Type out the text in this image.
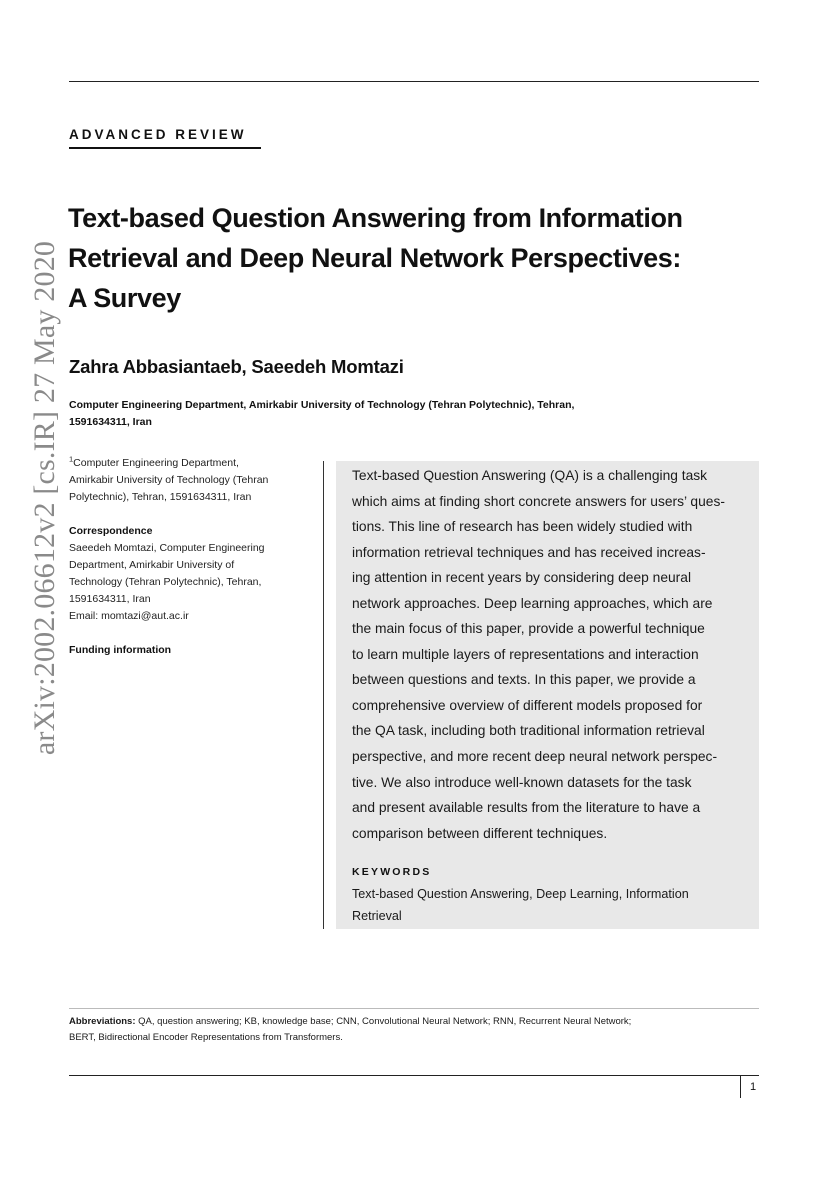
ADVANCED REVIEW
arXiv:2002.06612v2 [cs.IR] 27 May 2020
Text-based Question Answering from Information
Retrieval and Deep Neural Network Perspectives:
A Survey
Zahra Abbasiantaeb, Saeedeh Momtazi
Computer Engineering Department, Amirkabir University of Technology (Tehran Polytechnic), Tehran,
1591634311, Iran
$^1$Computer Engineering Department,
Amirkabir University of Technology (Tehran
Polytechnic), Tehran, 1591634311, Iran
Correspondence
Saeedeh Momtazi, Computer Engineering
Department, Amirkabir University of
Technology (Tehran Polytechnic), Tehran,
1591634311, Iran
Email: momtazi@aut.ac.ir
Funding information
Text-based Question Answering (QA) is a challenging task
which aims at finding short concrete answers for users’ ques-
tions. This line of research has been widely studied with
information retrieval techniques and has received increas-
ing attention in recent years by considering deep neural
network approaches. Deep learning approaches, which are
the main focus of this paper, provide a powerful technique
to learn multiple layers of representations and interaction
between questions and texts. In this paper, we provide a
comprehensive overview of different models proposed for
the QA task, including both traditional information retrieval
perspective, and more recent deep neural network perspec-
tive. We also introduce well-known datasets for the task
and present available results from the literature to have a
comparison between different techniques.
KEYWORDS
Text-based Question Answering, Deep Learning, Information
Retrieval
Abbreviations: QA, question answering; KB, knowledge base; CNN, Convolutional Neural Network; RNN, Recurrent Neural Network;
BERT, Bidirectional Encoder Representations from Transformers.
1
